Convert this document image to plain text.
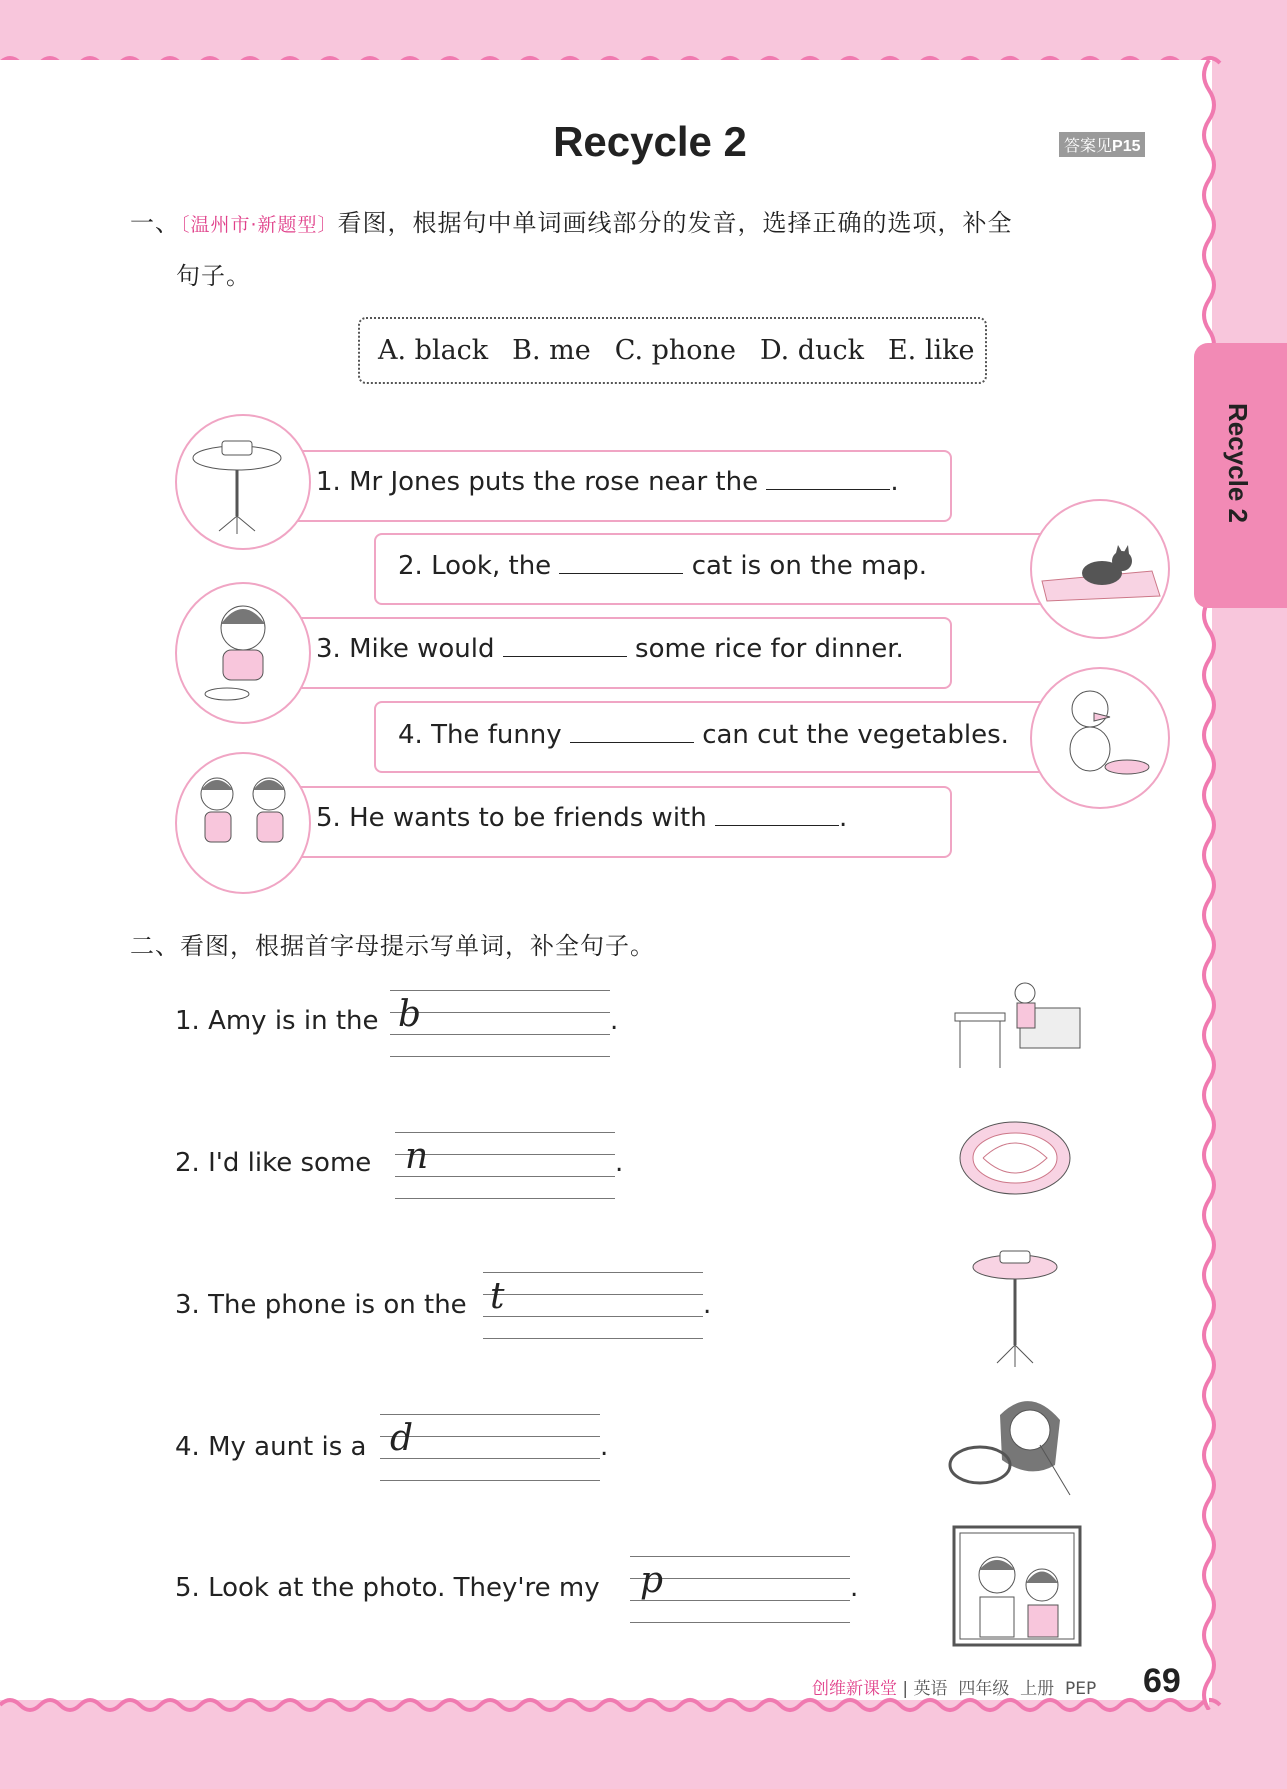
Recycle 2
Recycle 2	答案见P15
一、〔温州市·新题型〕看图，根据句中单词画线部分的发音，选择正确的选项，补全
句子。
A. black B. me C. phone D. duck E. like
1. Mr Jones puts the rose near the	.
2. Look, the	cat is on the map.
3. Mike would	some rice for dinner.
4. The funny	can cut the vegetables.
5. He wants to be friends with	.
二、看图，根据首字母提示写单词，补全句子。
1. Amy is in the b	.
2. I'd like some n	.
3. The phone is on the t	.
4. My aunt is a d	.
5. Look at the photo. They're my p	.
创维新课堂 | 英语 四年级 上册 PEP 69
